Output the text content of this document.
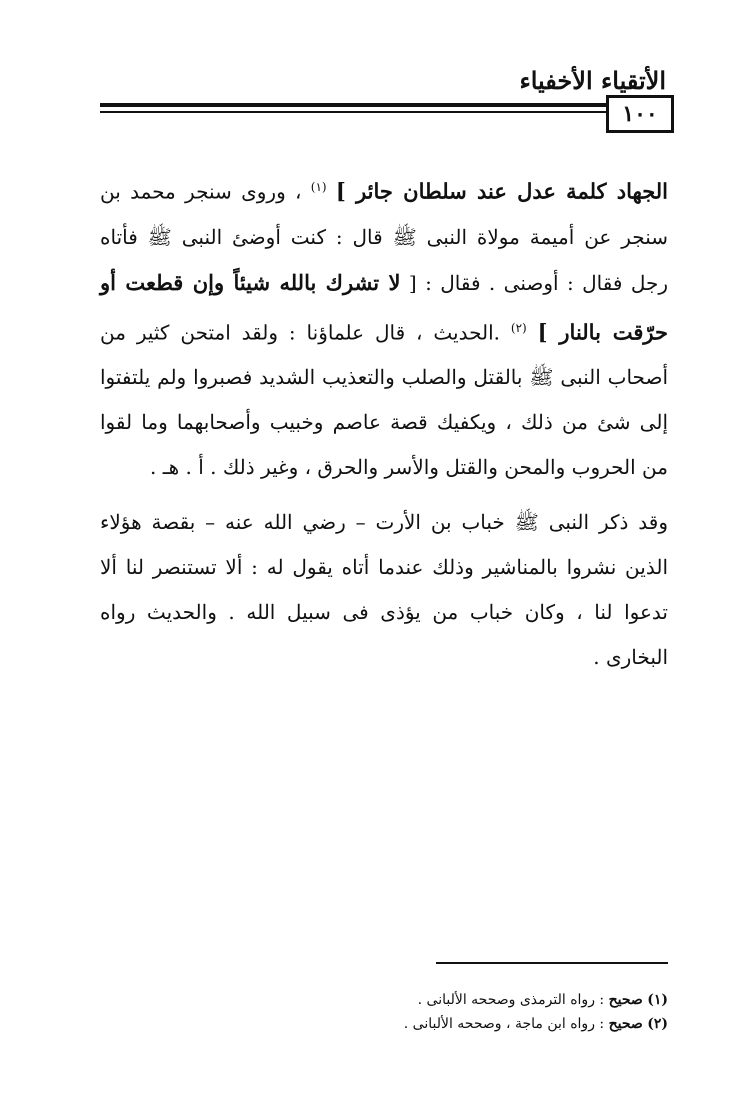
الأتقياء الأخفياء
١٠٠

الجهاد كلمة عدل عند سلطان جائر ] $^{(١)}$ ، وروى سنجر محمد بن سنجر عن أميمة مولاة النبى ﷺ قال : كنت أوضئ النبى ﷺ فأتاه رجل فقال : أوصنى . فقال : [ لا تشرك بالله شيئاً وإن قطعت أو حرّقت بالنار ] $^{(٢)}$ .الحديث ، قال علماؤنا : ولقد امتحن كثير من أصحاب النبى ﷺ بالقتل والصلب والتعذيب الشديد فصبروا ولم يلتفتوا إلى شئ من ذلك ، ويكفيك قصة عاصم وخبيب وأصحابهما وما لقوا من الحروب والمحن والقتل والأسر والحرق ، وغير ذلك . أ . هـ .

وقد ذكر النبى ﷺ خباب بن الأرت – رضي الله عنه – بقصة هؤلاء الذين نشروا بالمناشير وذلك عندما أتاه يقول له : ألا تستنصر لنا ألا تدعوا لنا ، وكان خباب من يؤذى فى سبيل الله . والحديث رواه البخارى .

(١) صحيح : رواه الترمذى وصححه الألبانى .
(٢) صحيح : رواه ابن ماجة ، وصححه الألبانى .
